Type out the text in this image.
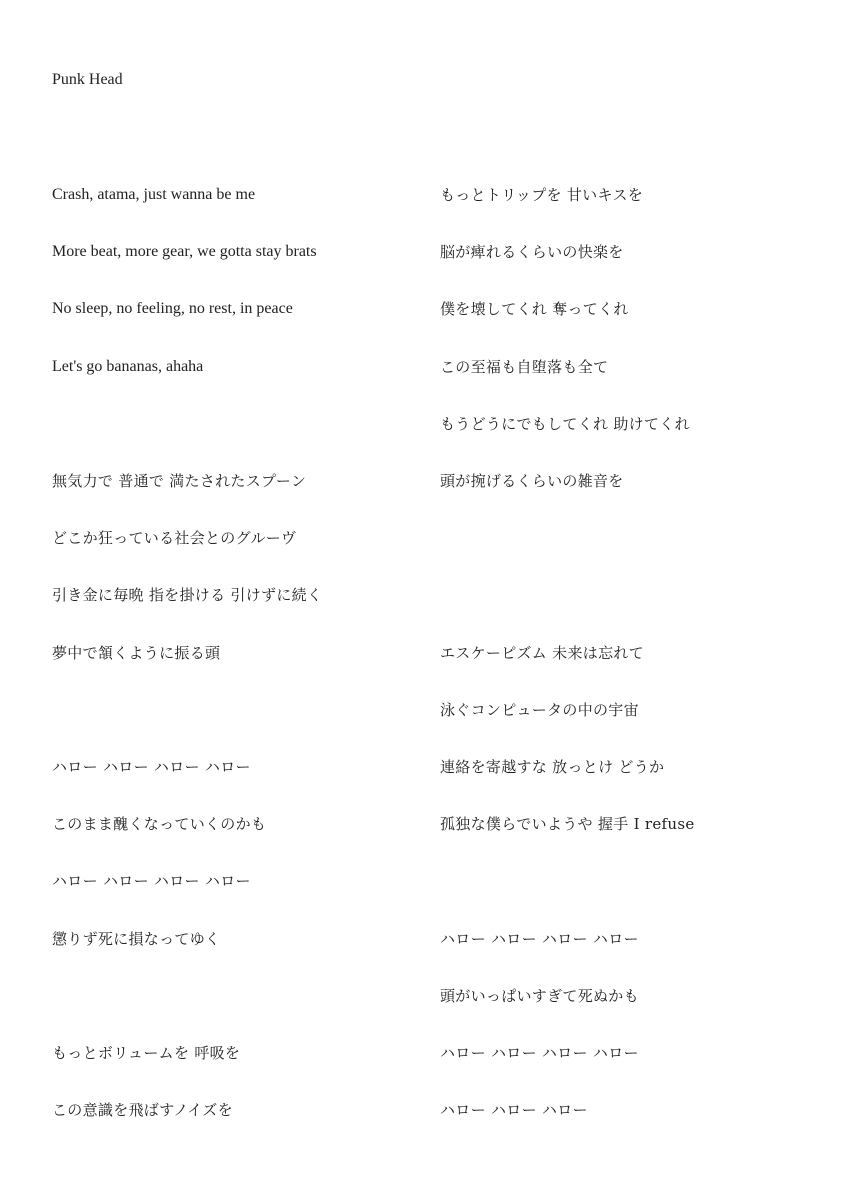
Punk Head
Crash, atama, just wanna be me
More beat, more gear, we gotta stay brats
No sleep, no feeling, no rest, in peace
Let's go bananas, ahaha
無気力で 普通で 満たされたスプーン
どこか狂っている社会とのグルーヴ
引き金に毎晩 指を掛ける 引けずに続く
夢中で頷くように振る頭
ハロー ハロー ハロー ハロー
このまま醜くなっていくのかも
ハロー ハロー ハロー ハロー
懲りず死に損なってゆく
もっとボリュームを 呼吸を
この意識を飛ばすノイズを
もっとトリップを 甘いキスを
脳が痺れるくらいの快楽を
僕を壊してくれ 奪ってくれ
この至福も自堕落も全て
もうどうにでもしてくれ 助けてくれ
頭が捥げるくらいの雑音を
エスケーピズム 未来は忘れて
泳ぐコンピュータの中の宇宙
連絡を寄越すな 放っとけ どうか
孤独な僕らでいようや 握手 I refuse
ハロー ハロー ハロー ハロー
頭がいっぱいすぎて死ぬかも
ハロー ハロー ハロー ハロー
ハロー ハロー ハロー
